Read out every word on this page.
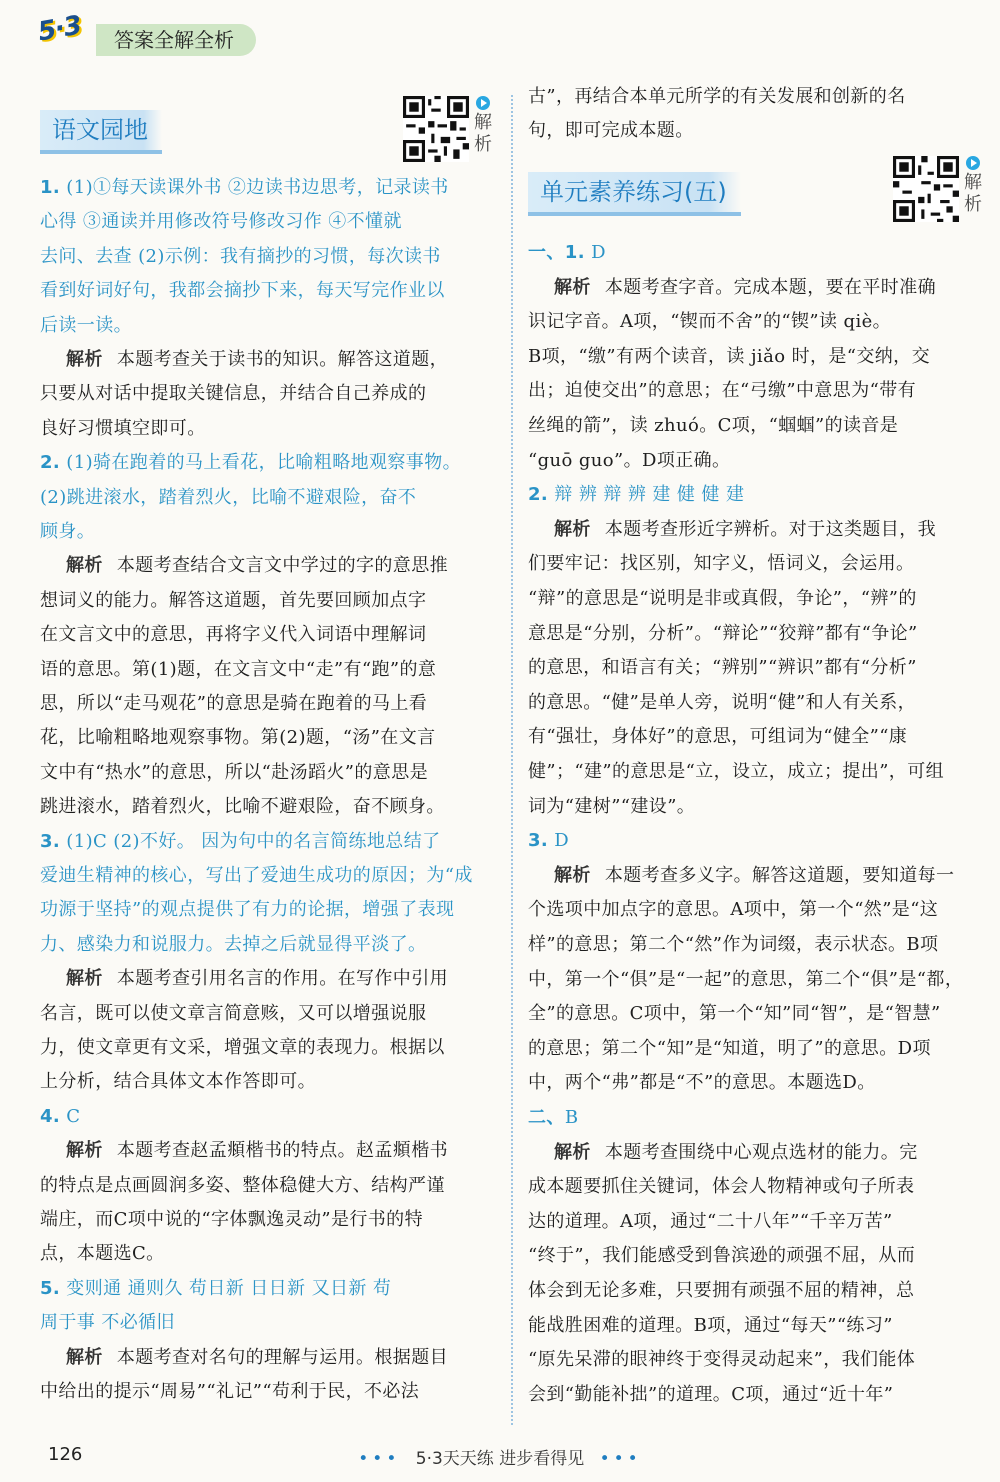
5·3	答案全解全析
语文园地	解析
1. (1)①每天读课外书 ②边读书边思考，记录读书
心得 ③通读并用修改符号修改习作 ④不懂就
去问、去查 (2)示例：我有摘抄的习惯，每次读书
看到好词好句，我都会摘抄下来，每天写完作业以
后读一读。
解析 本题考查关于读书的知识。解答这道题，
只要从对话中提取关键信息，并结合自己养成的
良好习惯填空即可。
2. (1)骑在跑着的马上看花，比喻粗略地观察事物。
(2)跳进滚水，踏着烈火，比喻不避艰险，奋不
顾身。
解析 本题考查结合文言文中学过的字的意思推
想词义的能力。解答这道题，首先要回顾加点字
在文言文中的意思，再将字义代入词语中理解词
语的意思。第(1)题，在文言文中“走”有“跑”的意
思，所以“走马观花”的意思是骑在跑着的马上看
花，比喻粗略地观察事物。第(2)题，“汤”在文言
文中有“热水”的意思，所以“赴汤蹈火”的意思是
跳进滚水，踏着烈火，比喻不避艰险，奋不顾身。
3. (1)C (2)不好。 因为句中的名言简练地总结了
爱迪生精神的核心，写出了爱迪生成功的原因；为“成
功源于坚持”的观点提供了有力的论据，增强了表现
力、感染力和说服力。去掉之后就显得平淡了。
解析 本题考查引用名言的作用。在写作中引用
名言，既可以使文章言简意赅，又可以增强说服
力，使文章更有文采，增强文章的表现力。根据以
上分析，结合具体文本作答即可。
4. C
解析 本题考查赵孟頫楷书的特点。赵孟頫楷书
的特点是点画圆润多姿、整体稳健大方、结构严谨
端庄，而C项中说的“字体飘逸灵动”是行书的特
点，本题选C。
5. 变则通 通则久 苟日新 日日新 又日新 苟
周于事 不必循旧
解析 本题考查对名句的理解与运用。根据题目
中给出的提示“周易”“礼记”“苟利于民，不必法
古”，再结合本单元所学的有关发展和创新的名
句，即可完成本题。
单元素养练习(五)	解析
一、1. D
解析 本题考查字音。完成本题，要在平时准确
识记字音。A项，“锲而不舍”的“锲”读 qiè。
B项，“缴”有两个读音，读 jiǎo 时，是“交纳，交
出；迫使交出”的意思；在“弓缴”中意思为“带有
丝绳的箭”，读 zhuó。C项，“蝈蝈”的读音是
“guō guo”。D项正确。
2. 辩 辨 辩 辨 建 健 健 建
解析 本题考查形近字辨析。对于这类题目，我
们要牢记：找区别，知字义，悟词义，会运用。
“辩”的意思是“说明是非或真假，争论”，“辨”的
意思是“分别，分析”。“辩论”“狡辩”都有“争论”
的意思，和语言有关；“辨别”“辨识”都有“分析”
的意思。“健”是单人旁，说明“健”和人有关系，
有“强壮，身体好”的意思，可组词为“健全”“康
健”；“建”的意思是“立，设立，成立；提出”，可组
词为“建树”“建设”。
3. D
解析 本题考查多义字。解答这道题，要知道每一
个选项中加点字的意思。A项中，第一个“然”是“这
样”的意思；第二个“然”作为词缀，表示状态。B项
中，第一个“俱”是“一起”的意思，第二个“俱”是“都，
全”的意思。C项中，第一个“知”同“智”，是“智慧”
的意思；第二个“知”是“知道，明了”的意思。D项
中，两个“弗”都是“不”的意思。本题选D。
二、B
解析 本题考查围绕中心观点选材的能力。完
成本题要抓住关键词，体会人物精神或句子所表
达的道理。A项，通过“二十八年”“千辛万苦”
“终于”，我们能感受到鲁滨逊的顽强不屈，从而
体会到无论多难，只要拥有顽强不屈的精神，总
能战胜困难的道理。B项，通过“每天”“练习”
“原先呆滞的眼神终于变得灵动起来”，我们能体
会到“勤能补拙”的道理。C项，通过“近十年”
126	••• 5·3天天练 进步看得见 •••
